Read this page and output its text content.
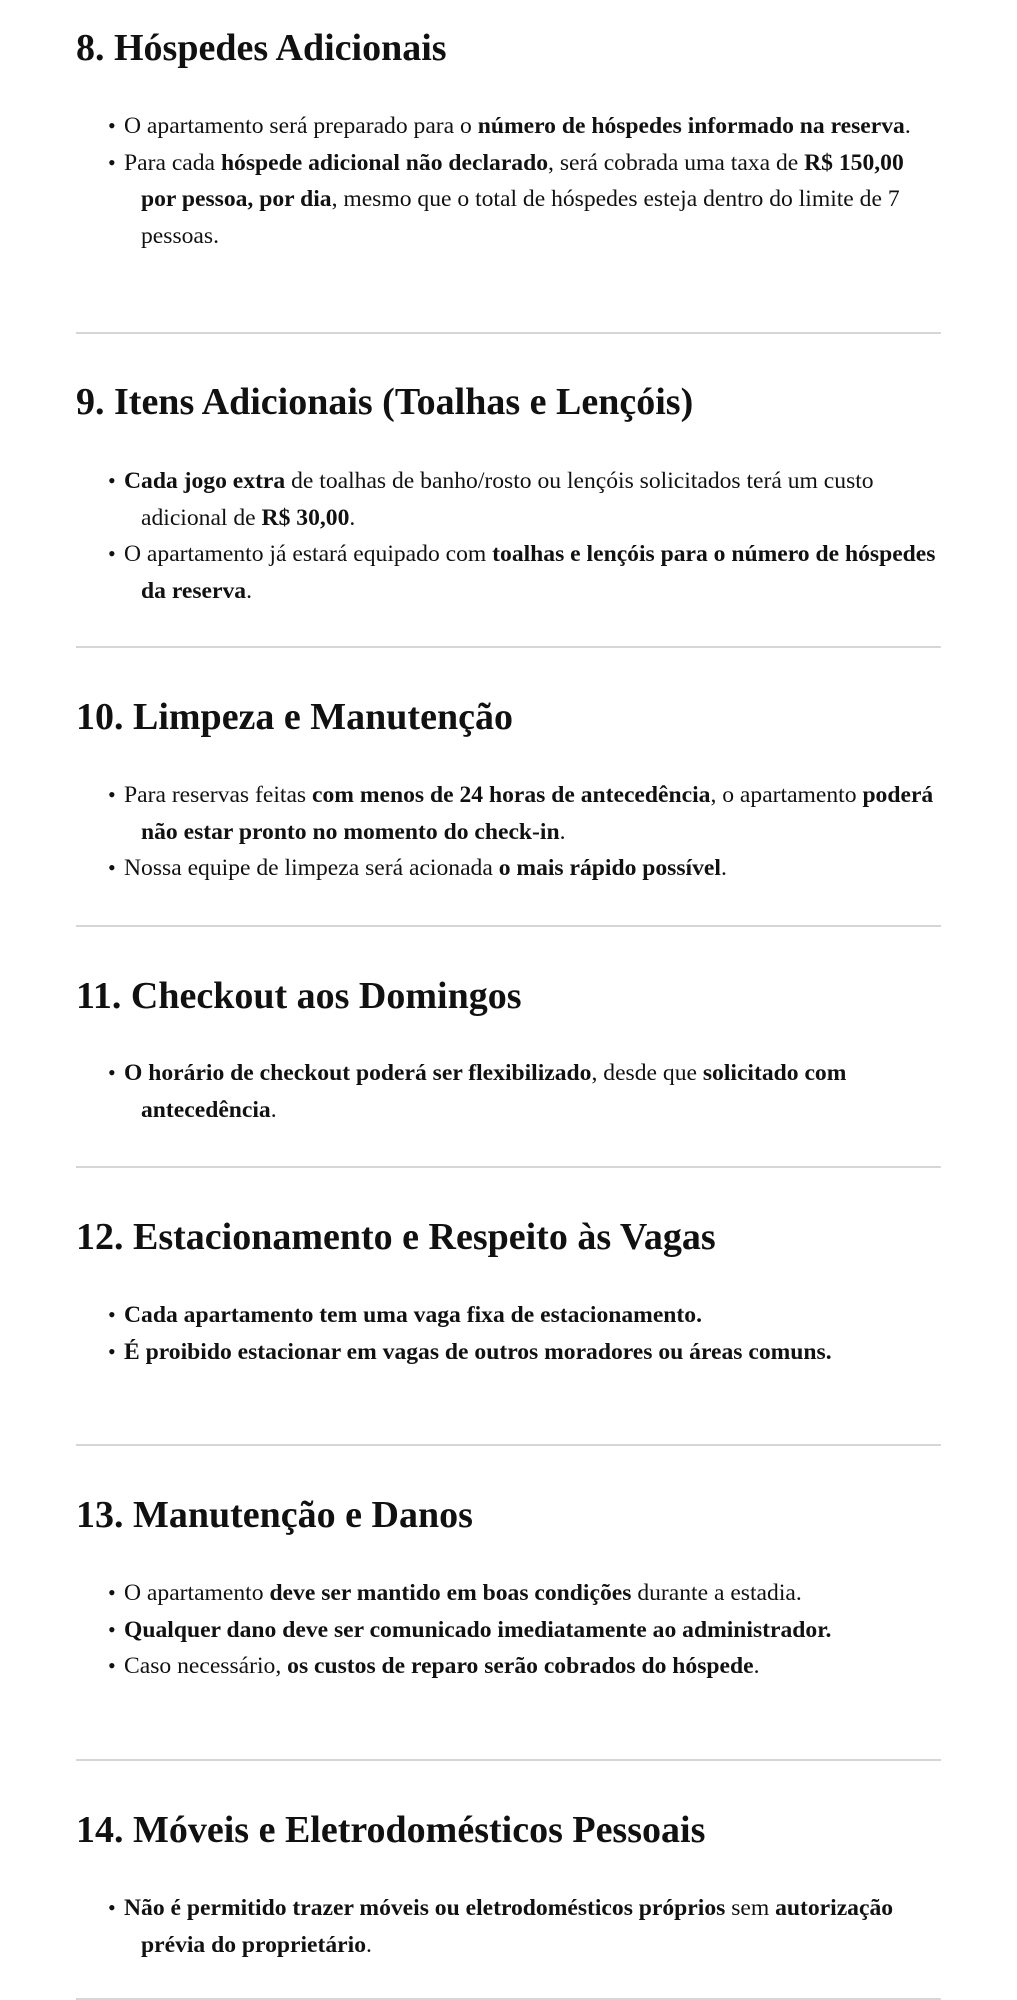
8. Hóspedes Adicionais
• O apartamento será preparado para o número de hóspedes informado na reserva.
• Para cada hóspede adicional não declarado, será cobrada uma taxa de R$ 150,00 por pessoa, por dia, mesmo que o total de hóspedes esteja dentro do limite de 7 pessoas.
9. Itens Adicionais (Toalhas e Lençóis)
• Cada jogo extra de toalhas de banho/rosto ou lençóis solicitados terá um custo adicional de R$ 30,00.
• O apartamento já estará equipado com toalhas e lençóis para o número de hóspedes da reserva.
10. Limpeza e Manutenção
• Para reservas feitas com menos de 24 horas de antecedência, o apartamento poderá não estar pronto no momento do check-in.
• Nossa equipe de limpeza será acionada o mais rápido possível.
11. Checkout aos Domingos
• O horário de checkout poderá ser flexibilizado, desde que solicitado com antecedência.
12. Estacionamento e Respeito às Vagas
• Cada apartamento tem uma vaga fixa de estacionamento.
• É proibido estacionar em vagas de outros moradores ou áreas comuns.
13. Manutenção e Danos
• O apartamento deve ser mantido em boas condições durante a estadia.
• Qualquer dano deve ser comunicado imediatamente ao administrador.
• Caso necessário, os custos de reparo serão cobrados do hóspede.
14. Móveis e Eletrodomésticos Pessoais
• Não é permitido trazer móveis ou eletrodomésticos próprios sem autorização prévia do proprietário.
